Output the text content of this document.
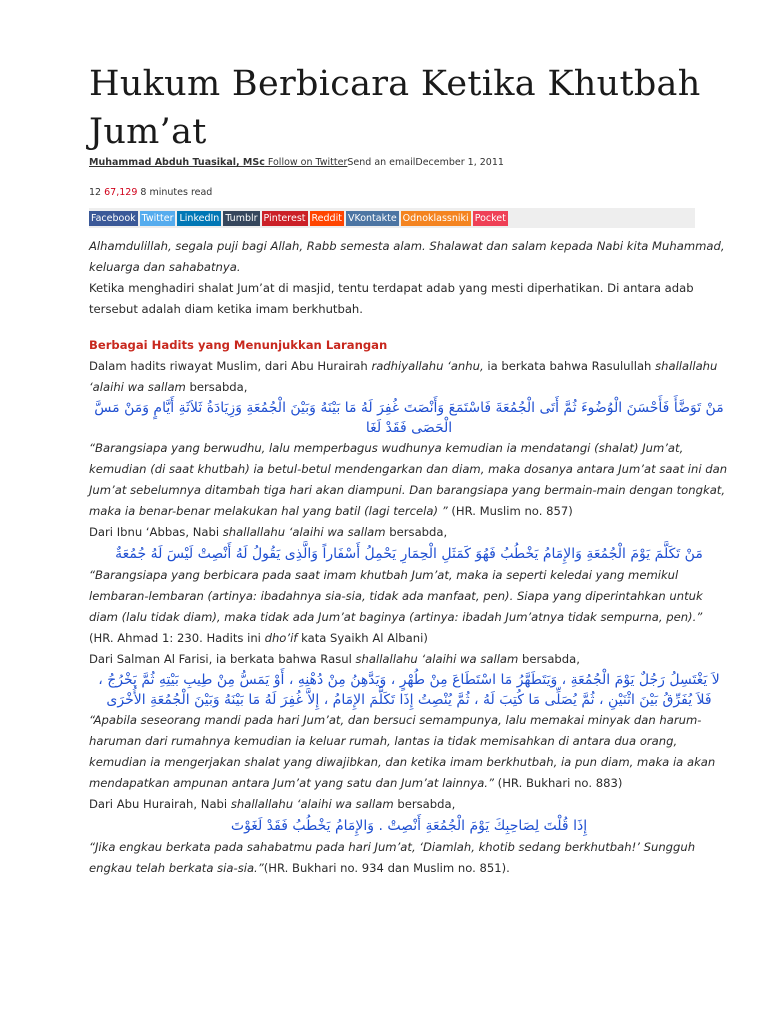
Hukum Berbicara Ketika Khutbah Jum’at
Muhammad Abduh Tuasikal, MSc Follow on TwitterSend an emailDecember 1, 2011
12 67,129 8 minutes read
Facebook Twitter LinkedIn Tumblr Pinterest Reddit VKontakte Odnoklassniki Pocket

Alhamdulillah, segala puji bagi Allah, Rabb semesta alam. Shalawat dan salam kepada Nabi kita Muhammad, keluarga dan sahabatnya.

Ketika menghadiri shalat Jum’at di masjid, tentu terdapat adab yang mesti diperhatikan. Di antara adab tersebut adalah diam ketika imam berkhutbah.

Berbagai Hadits yang Menunjukkan Larangan

Dalam hadits riwayat Muslim, dari Abu Hurairah radhiyallahu ‘anhu, ia berkata bahwa Rasulullah shallallahu ‘alaihi wa sallam bersabda,

مَنْ تَوَضَّأَ فَأَحْسَنَ الْوُضُوءَ ثُمَّ أَتَى الْجُمُعَةَ فَاسْتَمَعَ وَأَنْصَتَ غُفِرَ لَهُ مَا بَيْنَهُ وَبَيْنَ الْجُمُعَةِ وَزِيَادَةُ ثَلاَثَةِ أَيَّامٍ وَمَنْ مَسَّ الْحَصَى فَقَدْ لَغَا

“Barangsiapa yang berwudhu, lalu memperbagus wudhunya kemudian ia mendatangi (shalat) Jum’at, kemudian (di saat khutbah) ia betul-betul mendengarkan dan diam, maka dosanya antara Jum’at saat ini dan Jum’at sebelumnya ditambah tiga hari akan diampuni. Dan barangsiapa yang bermain-main dengan tongkat, maka ia benar-benar melakukan hal yang batil (lagi tercela) ” (HR. Muslim no. 857)

Dari Ibnu ‘Abbas, Nabi shallallahu ‘alaihi wa sallam bersabda,

مَنْ تَكَلَّمَ يَوْمَ الْجُمُعَةِ وَالإِمَامُ يَخْطُبُ فَهُوَ كَمَثَلِ الْحِمَارِ يَحْمِلُ أَسْفَاراً وَالَّذِى يَقُولُ لَهُ أَنْصِتْ لَيْسَ لَهُ جُمُعَةٌ

“Barangsiapa yang berbicara pada saat imam khutbah Jum’at, maka ia seperti keledai yang memikul lembaran-lembaran (artinya: ibadahnya sia-sia, tidak ada manfaat, pen). Siapa yang diperintahkan untuk diam (lalu tidak diam), maka tidak ada Jum’at baginya (artinya: ibadah Jum’atnya tidak sempurna, pen).” (HR. Ahmad 1: 230. Hadits ini dho’if kata Syaikh Al Albani)

Dari Salman Al Farisi, ia berkata bahwa Rasul shallallahu ‘alaihi wa sallam bersabda,

لاَ يَغْتَسِلُ رَجُلٌ يَوْمَ الْجُمُعَةِ ، وَيَتَطَهَّرُ مَا اسْتَطَاعَ مِنْ طُهْرٍ ، وَيَدَّهِنُ مِنْ دُهْنِهِ ، أَوْ يَمَسُّ مِنْ طِيبِ بَيْتِهِ ثُمَّ يَخْرُجُ ، فَلاَ يُفَرِّقُ بَيْنَ اثْنَيْنِ ، ثُمَّ يُصَلِّى مَا كُتِبَ لَهُ ، ثُمَّ يُنْصِتُ إِذَا تَكَلَّمَ الإِمَامُ ، إِلاَّ غُفِرَ لَهُ مَا بَيْنَهُ وَبَيْنَ الْجُمُعَةِ الأُخْرَى

“Apabila seseorang mandi pada hari Jum’at, dan bersuci semampunya, lalu memakai minyak dan harum-haruman dari rumahnya kemudian ia keluar rumah, lantas ia tidak memisahkan di antara dua orang, kemudian ia mengerjakan shalat yang diwajibkan, dan ketika imam berkhutbah, ia pun diam, maka ia akan mendapatkan ampunan antara Jum’at yang satu dan Jum’at lainnya.” (HR. Bukhari no. 883)

Dari Abu Hurairah, Nabi shallallahu ‘alaihi wa sallam bersabda,

إِذَا قُلْتَ لِصَاحِبِكَ يَوْمَ الْجُمُعَةِ أَنْصِتْ . وَالإِمَامُ يَخْطُبُ فَقَدْ لَغَوْتَ

“Jika engkau berkata pada sahabatmu pada hari Jum’at, ‘Diamlah, khotib sedang berkhutbah!’ Sungguh engkau telah berkata sia-sia.”(HR. Bukhari no. 934 dan Muslim no. 851).
